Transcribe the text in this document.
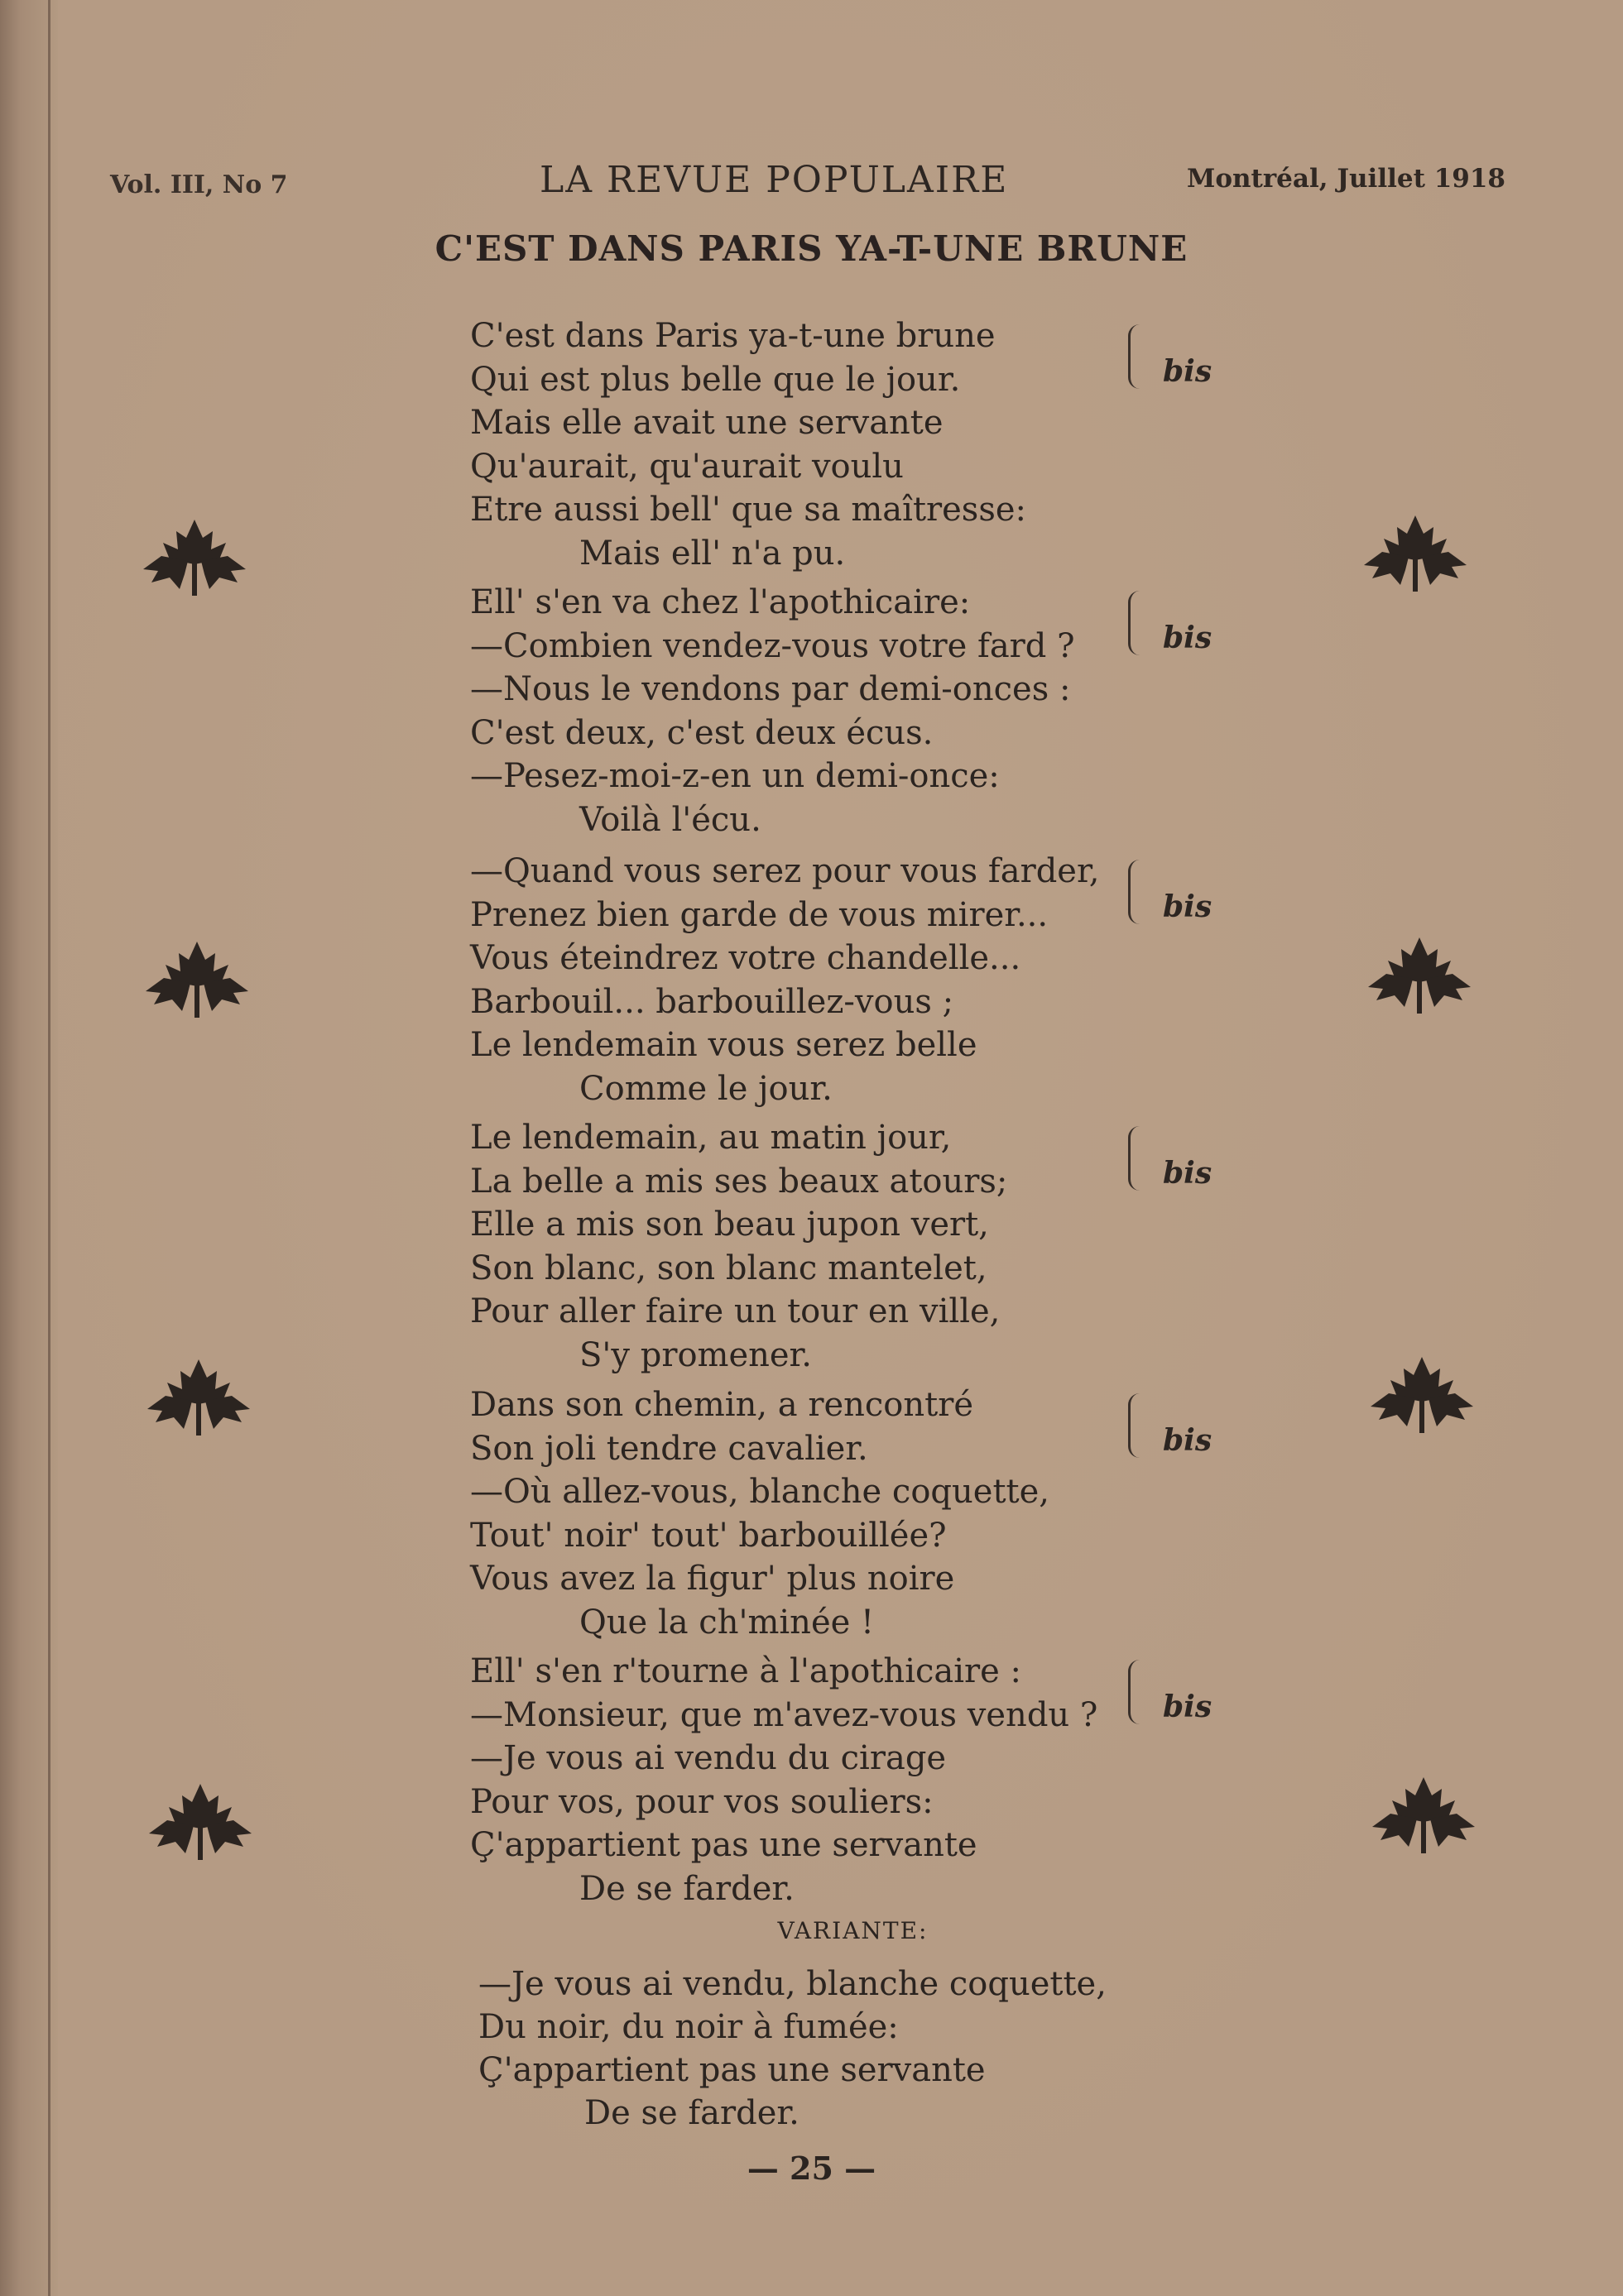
Vol. III, No 7	LA REVUE POPULAIRE	Montréal, Juillet 1918
C'EST DANS PARIS YA-T-UNE BRUNE
C'est dans Paris ya-t-une brune
Qui est plus belle que le jour.
Mais elle avait une servante
Qu'aurait, qu'aurait voulu
Etre aussi bell' que sa maîtresse:
Mais ell' n'a pu.
bis
Ell' s'en va chez l'apothicaire:
—Combien vendez-vous votre fard ?
—Nous le vendons par demi-onces :
C'est deux, c'est deux écus.
—Pesez-moi-z-en un demi-once:
Voilà l'écu.
bis
—Quand vous serez pour vous farder,
Prenez bien garde de vous mirer...
Vous éteindrez votre chandelle...
Barbouil... barbouillez-vous ;
Le lendemain vous serez belle
Comme le jour.
bis
Le lendemain, au matin jour,
La belle a mis ses beaux atours;
Elle a mis son beau jupon vert,
Son blanc, son blanc mantelet,
Pour aller faire un tour en ville,
S'y promener.
bis
Dans son chemin, a rencontré
Son joli tendre cavalier.
—Où allez-vous, blanche coquette,
Tout' noir' tout' barbouillée?
Vous avez la figur' plus noire
Que la ch'minée !
bis
Ell' s'en r'tourne à l'apothicaire :
—Monsieur, que m'avez-vous vendu ?
—Je vous ai vendu du cirage
Pour vos, pour vos souliers:
Ç'appartient pas une servante
De se farder.
bis
—Je vous ai vendu, blanche coquette,
Du noir, du noir à fumée:
Ç'appartient pas une servante
De se farder.
VARIANTE:
— 25 —
